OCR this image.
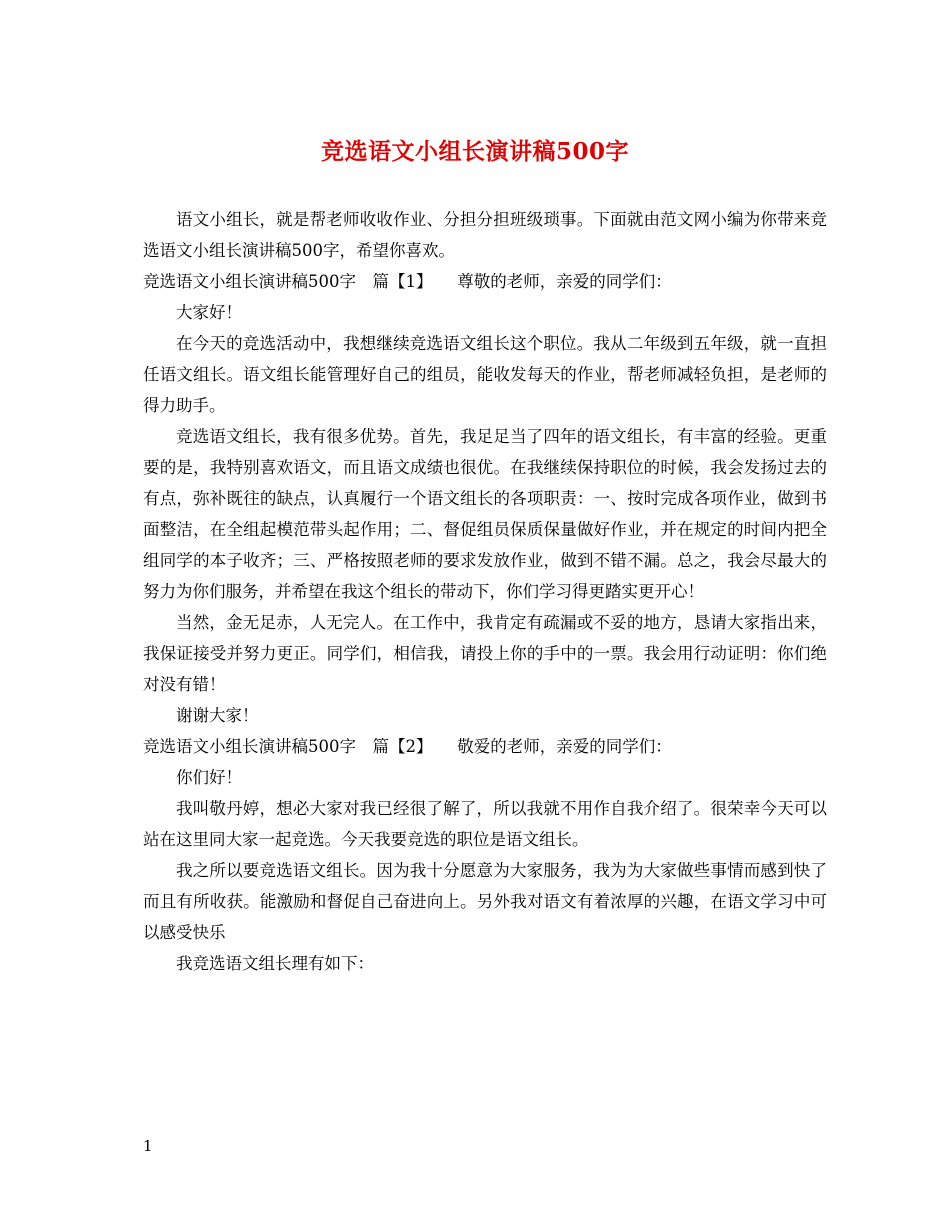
竞选语文小组长演讲稿500字

语文小组长，就是帮老师收收作业、分担分担班级琐事。下面就由范文网小编为你带来竞选语文小组长演讲稿500字，希望你喜欢。

竞选语文小组长演讲稿500字　篇【1】　　尊敬的老师，亲爱的同学们：

大家好！

在今天的竞选活动中，我想继续竞选语文组长这个职位。我从二年级到五年级，就一直担任语文组长。语文组长能管理好自己的组员，能收发每天的作业，帮老师减轻负担，是老师的得力助手。

竞选语文组长，我有很多优势。首先，我足足当了四年的语文组长，有丰富的经验。更重要的是，我特别喜欢语文，而且语文成绩也很优。在我继续保持职位的时候，我会发扬过去的有点，弥补既往的缺点，认真履行一个语文组长的各项职责：一、按时完成各项作业，做到书面整洁，在全组起模范带头起作用；二、督促组员保质保量做好作业，并在规定的时间内把全组同学的本子收齐；三、严格按照老师的要求发放作业，做到不错不漏。总之，我会尽最大的努力为你们服务，并希望在我这个组长的带动下，你们学习得更踏实更开心！

当然，金无足赤，人无完人。在工作中，我肯定有疏漏或不妥的地方，恳请大家指出来，我保证接受并努力更正。同学们，相信我，请投上你的手中的一票。我会用行动证明：你们绝对没有错！

谢谢大家！

竞选语文小组长演讲稿500字　篇【2】　　敬爱的老师，亲爱的同学们：

你们好！

我叫敬丹婷，想必大家对我已经很了解了，所以我就不用作自我介绍了。很荣幸今天可以站在这里同大家一起竞选。今天我要竞选的职位是语文组长。

我之所以要竞选语文组长。因为我十分愿意为大家服务，我为为大家做些事情而感到快了而且有所收获。能激励和督促自己奋进向上。另外我对语文有着浓厚的兴趣，在语文学习中可以感受快乐

我竞选语文组长理有如下：

1
